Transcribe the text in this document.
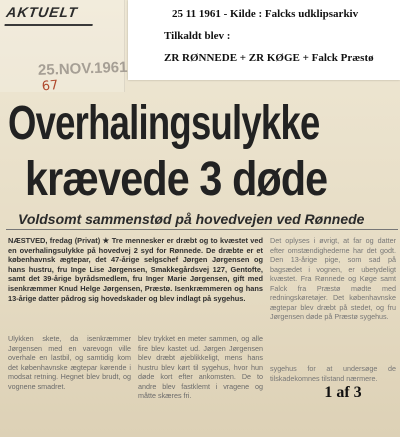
AKTUELT
25.NOV.1961
67
Overhalingsulykke
krævede 3 døde
Voldsomt sammenstød på hovedvejen ved Rønnede
NÆSTVED, fredag (Privat) ★ Tre mennesker er dræbt og to kvæstet ved en overhalingsulykke på hovedvej 2 syd for Rønnede. De dræbte er et københavnsk ægtepar, det 47-årige selgschef Jørgen Jørgensen og hans hustru, fru Inge Lise Jørgensen, Smakkegårdsvej 127, Gentofte, samt det 39-årige byrådsmedlem, fru Inger Marie Jørgensen, gift med isenkræmmer Knud Helge Jørgensen, Præstø. Isenkræmmeren og hans 13-årige datter pådrog sig hovedskader og blev indlagt på sygehus.
Det oplyses i øvrigt, at far og datter efter omstændighederne har det godt. Den 13-årige pige, som sad på bagsædet i vognen, er ubetydeligt kvæstet. Fra Rønnede og Køge samt Falck fra Præstø mødte med redningskøretøjer. Det københavnske ægtepar blev dræbt på stedet, og fru Jørgensen døde på Præstø sygehus.
Ulykken skete, da isenkræmmer Jørgensen med en varevogn ville overhale en lastbil, og samtidig kom det københavnske ægtepar kørende i modsat retning. Hegnet blev brudt, og vognene smadret.
blev trykket en meter sammen, og alle fire blev kastet ud. Jørgen Jørgensen blev dræbt øjeblikkeligt, mens hans hustru blev kørt til sygehus, hvor hun døde kort efter ankomsten. De to andre blev fastklemt i vragene og måtte skæres fri.
sygehus for at undersøge de tilskadekomnes tilstand nærmere.
1 af 3
25 11 1961 - Kilde : Falcks udklipsarkiv
Tilkaldt blev :
ZR RØNNEDE + ZR KØGE + Falck Præstø
